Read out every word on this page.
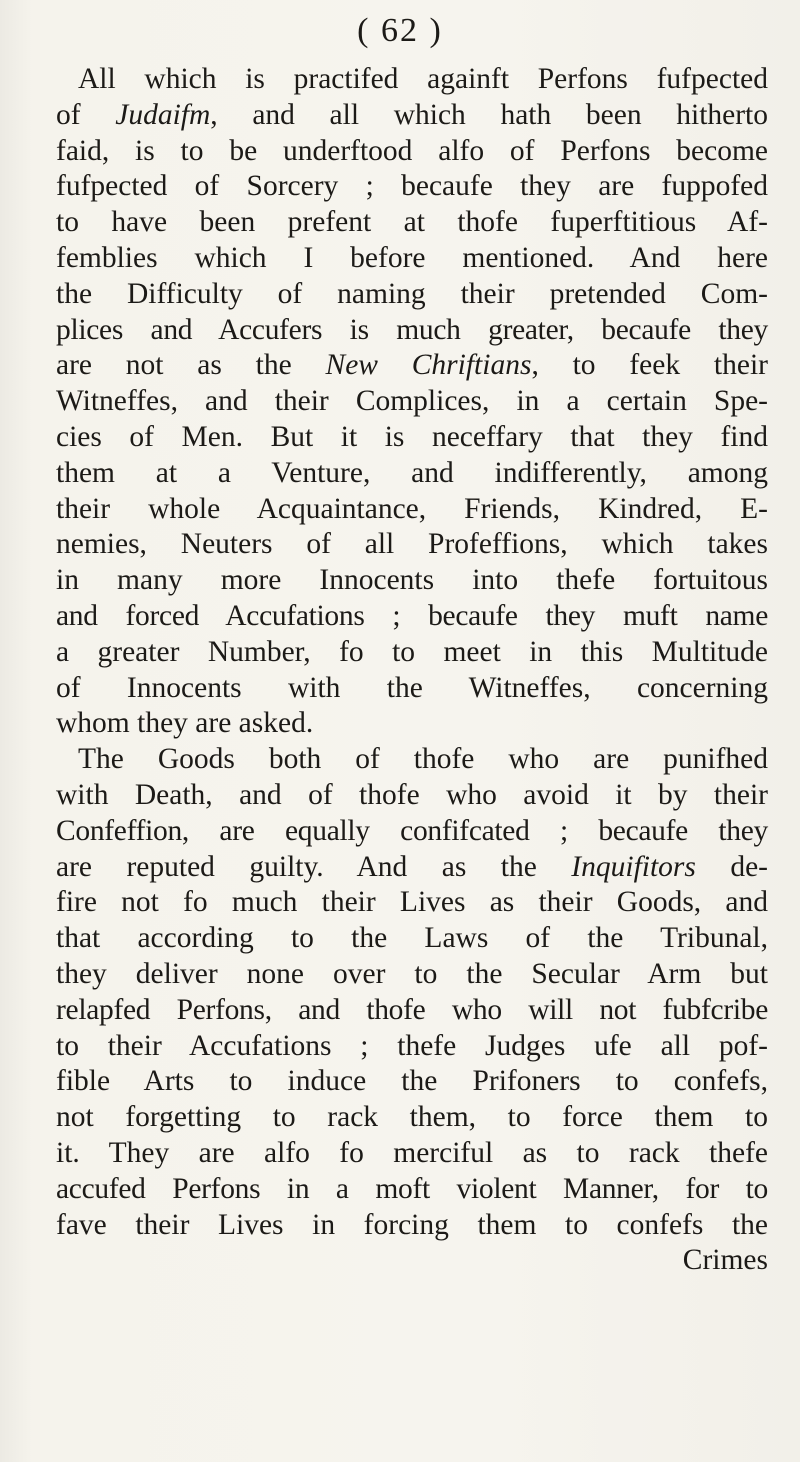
( 62 )
All which is practifed againft Perfons fufpected
of Judaifm, and all which hath been hitherto
faid, is to be underftood alfo of Perfons become
fufpected of Sorcery ; becaufe they are fuppofed
to have been prefent at thofe fuperftitious Af-
femblies which I before mentioned. And here
the Difficulty of naming their pretended Com-
plices and Accufers is much greater, becaufe they
are not as the New Chriftians, to feek their
Witneffes, and their Complices, in a certain Spe-
cies of Men. But it is neceffary that they find
them at a Venture, and indifferently, among
their whole Acquaintance, Friends, Kindred, E-
nemies, Neuters of all Profeffions, which takes
in many more Innocents into thefe fortuitous
and forced Accufations ; becaufe they muft name
a greater Number, fo to meet in this Multitude
of Innocents with the Witneffes, concerning
whom they are asked.
The Goods both of thofe who are punifhed
with Death, and of thofe who avoid it by their
Confeffion, are equally confifcated ; becaufe they
are reputed guilty. And as the Inquifitors de-
fire not fo much their Lives as their Goods, and
that according to the Laws of the Tribunal,
they deliver none over to the Secular Arm but
relapfed Perfons, and thofe who will not fubfcribe
to their Accufations ; thefe Judges ufe all pof-
fible Arts to induce the Prifoners to confefs,
not forgetting to rack them, to force them to
it. They are alfo fo merciful as to rack thefe
accufed Perfons in a moft violent Manner, for to
fave their Lives in forcing them to confefs the
Crimes
